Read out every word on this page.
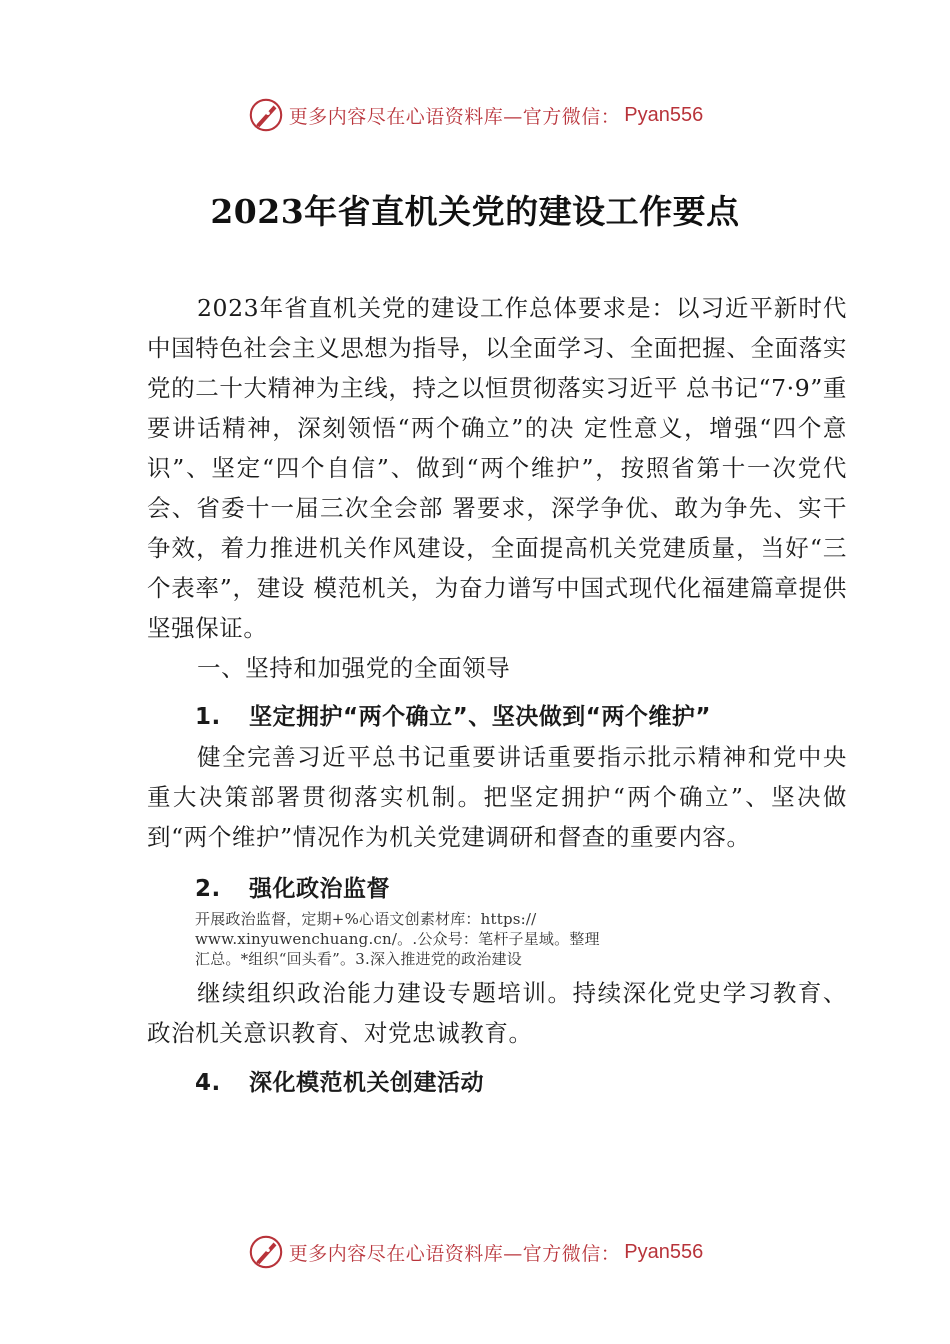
更多内容尽在心语资料库—官方微信： Pyan556
2023年省直机关党的建设工作要点

2023年省直机关党的建设工作总体要求是：以习近平新时代中国特色社会主义思想为指导，以全面学习、全面把握、全面落实党的二十大精神为主线，持之以恒贯彻落实习近平 总书记“7·9”重要讲话精神，深刻领悟“两个确立”的决 定性意义，增强“四个意识”、坚定“四个自信”、做到“两个维护”，按照省第十一次党代会、省委十一届三次全会部 署要求，深学争优、敢为争先、实干争效，着力推进机关作风建设，全面提高机关党建质量，当好“三个表率”，建设 模范机关，为奋力谱写中国式现代化福建篇章提供坚强保证。

一、坚持和加强党的全面领导

1. 坚定拥护“两个确立”、坚决做到“两个维护”

健全完善习近平总书记重要讲话重要指示批示精神和党中央重大决策部署贯彻落实机制。把坚定拥护“两个确立”、坚决做到“两个维护”情况作为机关党建调研和督查的重要内容。

2. 强化政治监督

开展政治监督，定期+%心语文创素材库：https://

www.xinyuwenchuang.cn/。.公众号：笔杆子星域。整理

汇总。*组织“回头看”。3.深入推进党的政治建设

继续组织政治能力建设专题培训。持续深化党史学习教育、政治机关意识教育、对党忠诚教育。

4. 深化模范机关创建活动
更多内容尽在心语资料库—官方微信： Pyan556
